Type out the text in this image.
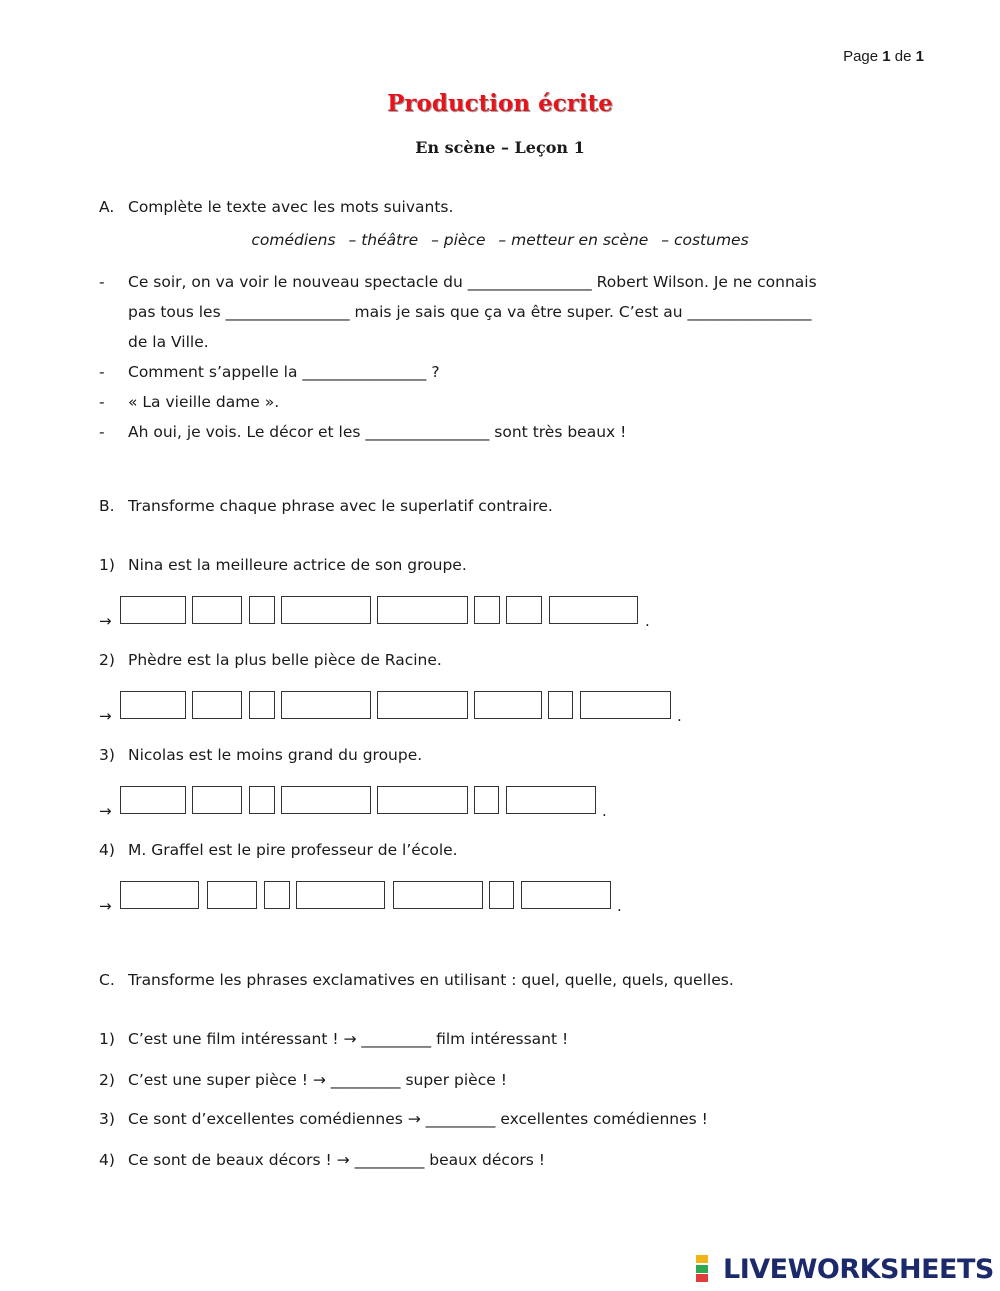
Page 1 de 1
Production écrite
En scène – Leçon 1
A. Complète le texte avec les mots suivants.
comédiens – théâtre – pièce – metteur en scène – costumes
- Ce soir, on va voir le nouveau spectacle du ________________ Robert Wilson. Je ne connais
pas tous les ________________ mais je sais que ça va être super. C’est au ________________
de la Ville.
- Comment s’appelle la ________________ ?
- « La vieille dame ».
- Ah oui, je vois. Le décor et les ________________ sont très beaux !
B. Transforme chaque phrase avec le superlatif contraire.
1) Nina est la meilleure actrice de son groupe.
→	.
2) Phèdre est la plus belle pièce de Racine.
→	.
3) Nicolas est le moins grand du groupe.
→	.
4) M. Graffel est le pire professeur de l’école.
→	.
C. Transforme les phrases exclamatives en utilisant : quel, quelle, quels, quelles.
1) C’est une film intéressant ! → _________ film intéressant !
2) C’est une super pièce ! → _________ super pièce !
3) Ce sont d’excellentes comédiennes → _________ excellentes comédiennes !
4) Ce sont de beaux décors ! → _________ beaux décors !
LIVEWORKSHEETS
